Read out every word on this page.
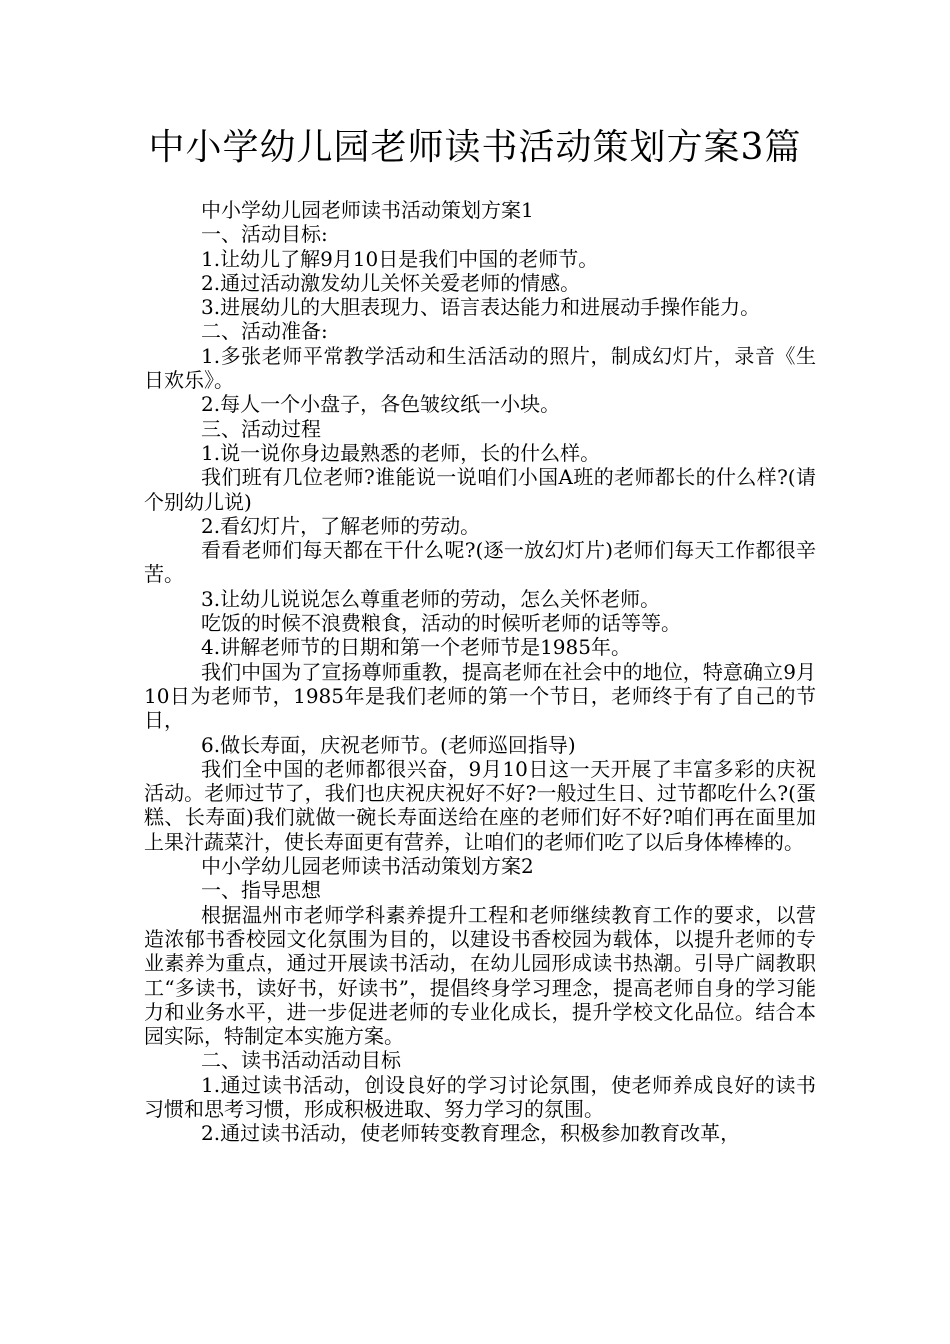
中小学幼儿园老师读书活动策划方案3篇

中小学幼儿园老师读书活动策划方案1

一、活动目标:

1.让幼儿了解9月10日是我们中国的老师节。

2.通过活动激发幼儿关怀关爱老师的情感。

3.进展幼儿的大胆表现力、语言表达能力和进展动手操作能力。

二、活动准备:

1.多张老师平常教学活动和生活活动的照片，制成幻灯片，录音《生日欢乐》。

2.每人一个小盘子，各色皱纹纸一小块。

三、活动过程

1.说一说你身边最熟悉的老师，长的什么样。

我们班有几位老师?谁能说一说咱们小国A班的老师都长的什么样?(请个别幼儿说)

2.看幻灯片，了解老师的劳动。

看看老师们每天都在干什么呢?(逐一放幻灯片)老师们每天工作都很辛苦。

3.让幼儿说说怎么尊重老师的劳动，怎么关怀老师。

吃饭的时候不浪费粮食，活动的时候听老师的话等等。

4.讲解老师节的日期和第一个老师节是1985年。

我们中国为了宣扬尊师重教，提高老师在社会中的地位，特意确立9月10日为老师节，1985年是我们老师的第一个节日，老师终于有了自己的节日，

6.做长寿面，庆祝老师节。(老师巡回指导)

我们全中国的老师都很兴奋，9月10日这一天开展了丰富多彩的庆祝活动。老师过节了，我们也庆祝庆祝好不好?一般过生日、过节都吃什么?(蛋糕、长寿面)我们就做一碗长寿面送给在座的老师们好不好?咱们再在面里加上果汁蔬菜汁，使长寿面更有营养，让咱们的老师们吃了以后身体棒棒的。

中小学幼儿园老师读书活动策划方案2

一、指导思想

根据温州市老师学科素养提升工程和老师继续教育工作的要求，以营造浓郁书香校园文化氛围为目的，以建设书香校园为载体，以提升老师的专业素养为重点，通过开展读书活动，在幼儿园形成读书热潮。引导广阔教职工“多读书，读好书，好读书”，提倡终身学习理念，提高老师自身的学习能力和业务水平，进一步促进老师的专业化成长，提升学校文化品位。结合本园实际，特制定本实施方案。

二、读书活动活动目标

1.通过读书活动，创设良好的学习讨论氛围，使老师养成良好的读书习惯和思考习惯，形成积极进取、努力学习的氛围。

2.通过读书活动，使老师转变教育理念，积极参加教育改革，
